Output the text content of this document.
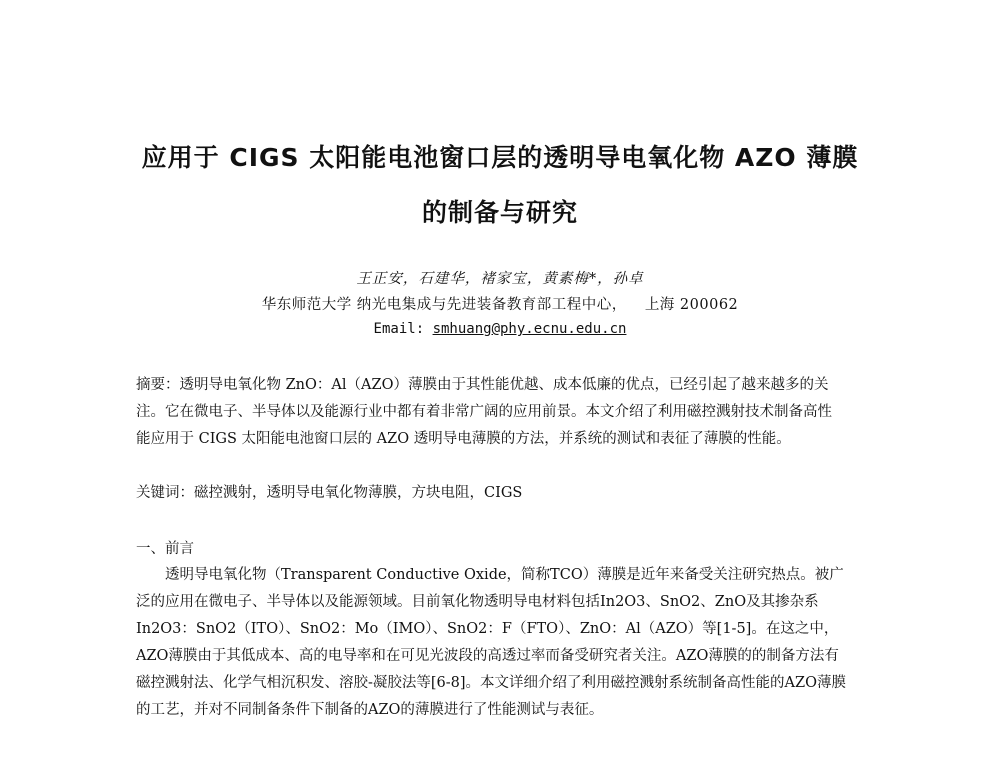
应用于 CIGS 太阳能电池窗口层的透明导电氧化物 AZO 薄膜
的制备与研究

王正安，石建华，褚家宝，黄素梅*，孙卓

华东师范大学 纳光电集成与先进装备教育部工程中心， 上海 200062

Email: smhuang@phy.ecnu.edu.cn

摘要：透明导电氧化物 ZnO：Al（AZO）薄膜由于其性能优越、成本低廉的优点，已经引起了越来越多的关注。它在微电子、半导体以及能源行业中都有着非常广阔的应用前景。本文介绍了利用磁控溅射技术制备高性能应用于 CIGS 太阳能电池窗口层的 AZO 透明导电薄膜的方法，并系统的测试和表征了薄膜的性能。

关键词：磁控溅射，透明导电氧化物薄膜，方块电阻，CIGS

一、前言

透明导电氧化物（Transparent Conductive Oxide，简称TCO）薄膜是近年来备受关注研究热点。被广泛的应用在微电子、半导体以及能源领域。目前氧化物透明导电材料包括In2O3、SnO2、ZnO及其掺杂系In2O3：SnO2（ITO）、SnO2：Mo（IMO）、SnO2：F（FTO）、ZnO：Al（AZO）等[1-5]。在这之中，AZO薄膜由于其低成本、高的电导率和在可见光波段的高透过率而备受研究者关注。AZO薄膜的的制备方法有磁控溅射法、化学气相沉积发、溶胶-凝胶法等[6-8]。本文详细介绍了利用磁控溅射系统制备高性能的AZO薄膜的工艺，并对不同制备条件下制备的AZO的薄膜进行了性能测试与表征。
